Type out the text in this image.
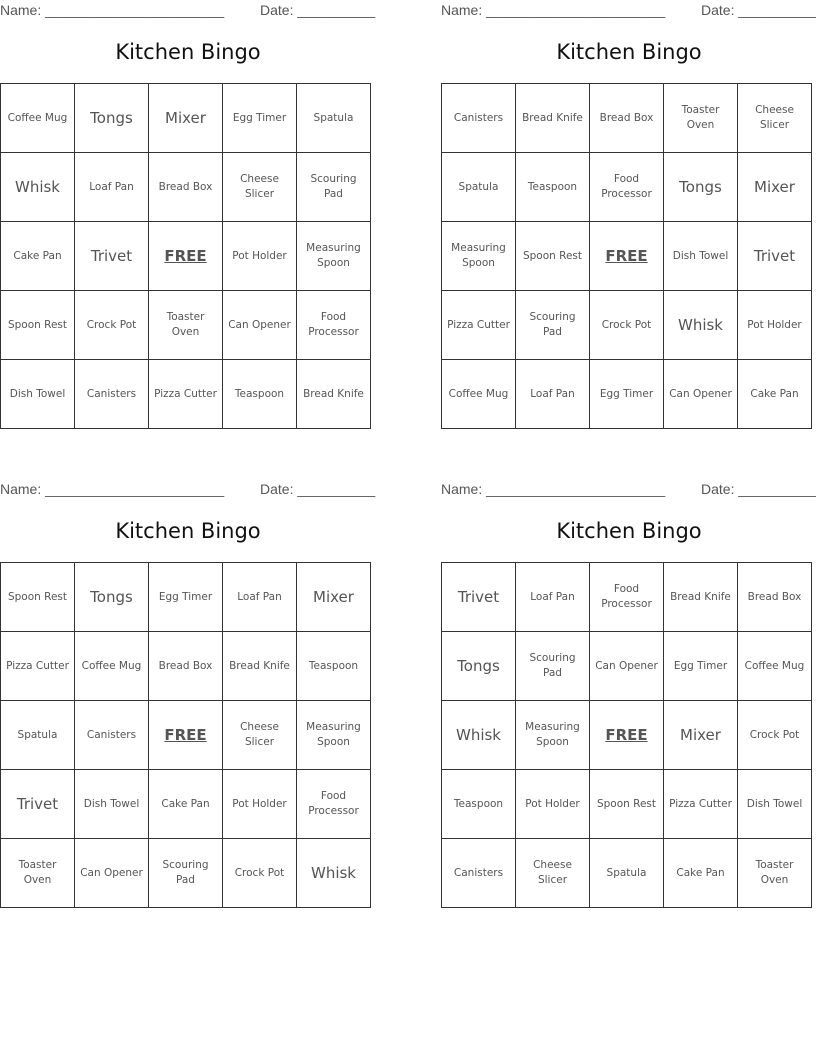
Name: _______________________	Date: __________
Kitchen Bingo
Coffee Mug	Tongs	Mixer	Egg Timer	Spatula
Whisk	Loaf Pan	Bread Box	Cheese Slicer	Scouring Pad
Cake Pan	Trivet	FREE	Pot Holder	Measuring Spoon
Spoon Rest	Crock Pot	Toaster Oven	Can Opener	Food Processor
Dish Towel	Canisters	Pizza Cutter	Teaspoon	Bread Knife
Name: _______________________	Date: __________
Kitchen Bingo
Canisters	Bread Knife	Bread Box	Toaster Oven	Cheese Slicer
Spatula	Teaspoon	Food Processor	Tongs	Mixer
Measuring Spoon	Spoon Rest	FREE	Dish Towel	Trivet
Pizza Cutter	Scouring Pad	Crock Pot	Whisk	Pot Holder
Coffee Mug	Loaf Pan	Egg Timer	Can Opener	Cake Pan
Name: _______________________	Date: __________
Kitchen Bingo
Spoon Rest	Tongs	Egg Timer	Loaf Pan	Mixer
Pizza Cutter	Coffee Mug	Bread Box	Bread Knife	Teaspoon
Spatula	Canisters	FREE	Cheese Slicer	Measuring Spoon
Trivet	Dish Towel	Cake Pan	Pot Holder	Food Processor
Toaster Oven	Can Opener	Scouring Pad	Crock Pot	Whisk
Name: _______________________	Date: __________
Kitchen Bingo
Trivet	Loaf Pan	Food Processor	Bread Knife	Bread Box
Tongs	Scouring Pad	Can Opener	Egg Timer	Coffee Mug
Whisk	Measuring Spoon	FREE	Mixer	Crock Pot
Teaspoon	Pot Holder	Spoon Rest	Pizza Cutter	Dish Towel
Canisters	Cheese Slicer	Spatula	Cake Pan	Toaster Oven
